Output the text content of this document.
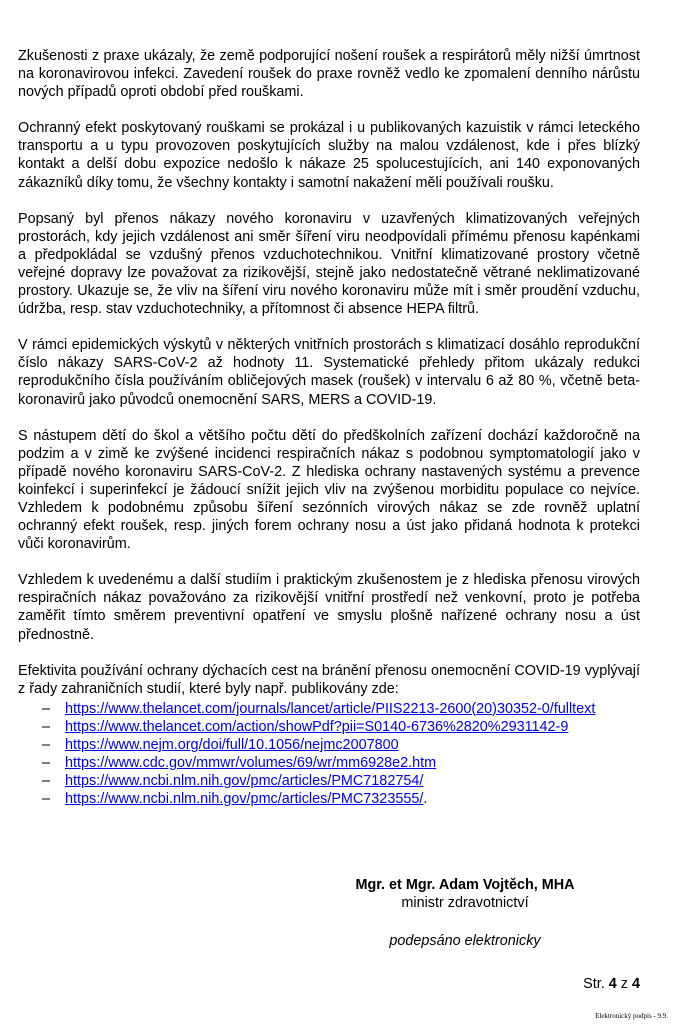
Zkušenosti z praxe ukázaly, že země podporující nošení roušek a respirátorů měly nižší úmrtnost na koronavirovou infekci. Zavedení roušek do praxe rovněž vedlo ke zpomalení denního nárůstu nových případů oproti období před rouškami.

Ochranný efekt poskytovaný rouškami se prokázal i u publikovaných kazuistik v rámci leteckého transportu a u typu provozoven poskytujících služby na malou vzdálenost, kde i přes blízký kontakt a delší dobu expozice nedošlo k nákaze 25 spolucestujících, ani 140 exponovaných zákazníků díky tomu, že všechny kontakty i samotní nakažení měli používali roušku.

Popsaný byl přenos nákazy nového koronaviru v uzavřených klimatizovaných veřejných prostorách, kdy jejich vzdálenost ani směr šíření viru neodpovídali přímému přenosu kapénkami a předpokládal se vzdušný přenos vzduchotechnikou. Vnitřní klimatizované prostory včetně veřejné dopravy lze považovat za rizikovější, stejně jako nedostatečně větrané neklimatizované prostory. Ukazuje se, že vliv na šíření viru nového koronaviru může mít i směr proudění vzduchu, údržba, resp. stav vzduchotechniky, a přítomnost či absence HEPA filtrů.

V rámci epidemických výskytů v některých vnitřních prostorách s klimatizací dosáhlo reprodukční číslo nákazy SARS-CoV-2 až hodnoty 11. Systematické přehledy přitom ukázaly redukci reprodukčního čísla používáním obličejových masek (roušek) v intervalu 6 až 80 %, včetně beta-koronavirů jako původců onemocnění SARS, MERS a COVID-19.

S nástupem dětí do škol a většího počtu dětí do předškolních zařízení dochází každoročně na podzim a v zimě ke zvýšené incidenci respiračních nákaz s podobnou symptomatologií jako v případě nového koronaviru SARS-CoV-2. Z hlediska ochrany nastavených systému a prevence koinfekcí i superinfekcí je žádoucí snížit jejich vliv na zvýšenou morbiditu populace co nejvíce. Vzhledem k podobnému způsobu šíření sezónních virových nákaz se zde rovněž uplatní ochranný efekt roušek, resp. jiných forem ochrany nosu a úst jako přidaná hodnota k protekci vůči koronavirům.

Vzhledem k uvedenému a další studiím i praktickým zkušenostem je z hlediska přenosu virových respiračních nákaz považováno za rizikovější vnitřní prostředí než venkovní, proto je potřeba zaměřit tímto směrem preventivní opatření ve smyslu plošně nařízené ochrany nosu a úst přednostně.

Efektivita používání ochrany dýchacích cest na bránění přenosu onemocnění COVID-19 vyplývají z řady zahraničních studií, které byly např. publikovány zde:

– https://www.thelancet.com/journals/lancet/article/PIIS2213-2600(20)30352-0/fulltext
– https://www.thelancet.com/action/showPdf?pii=S0140-6736%2820%2931142-9
– https://www.nejm.org/doi/full/10.1056/nejmc2007800
– https://www.cdc.gov/mmwr/volumes/69/wr/mm6928e2.htm
– https://www.ncbi.nlm.nih.gov/pmc/articles/PMC7182754/
– https://www.ncbi.nlm.nih.gov/pmc/articles/PMC7323555/.
Mgr. et Mgr. Adam Vojtěch, MHA
ministr zdravotnictví
podepsáno elektronicky
Str. 4 z 4
Elektronický podpis - 9.9.
